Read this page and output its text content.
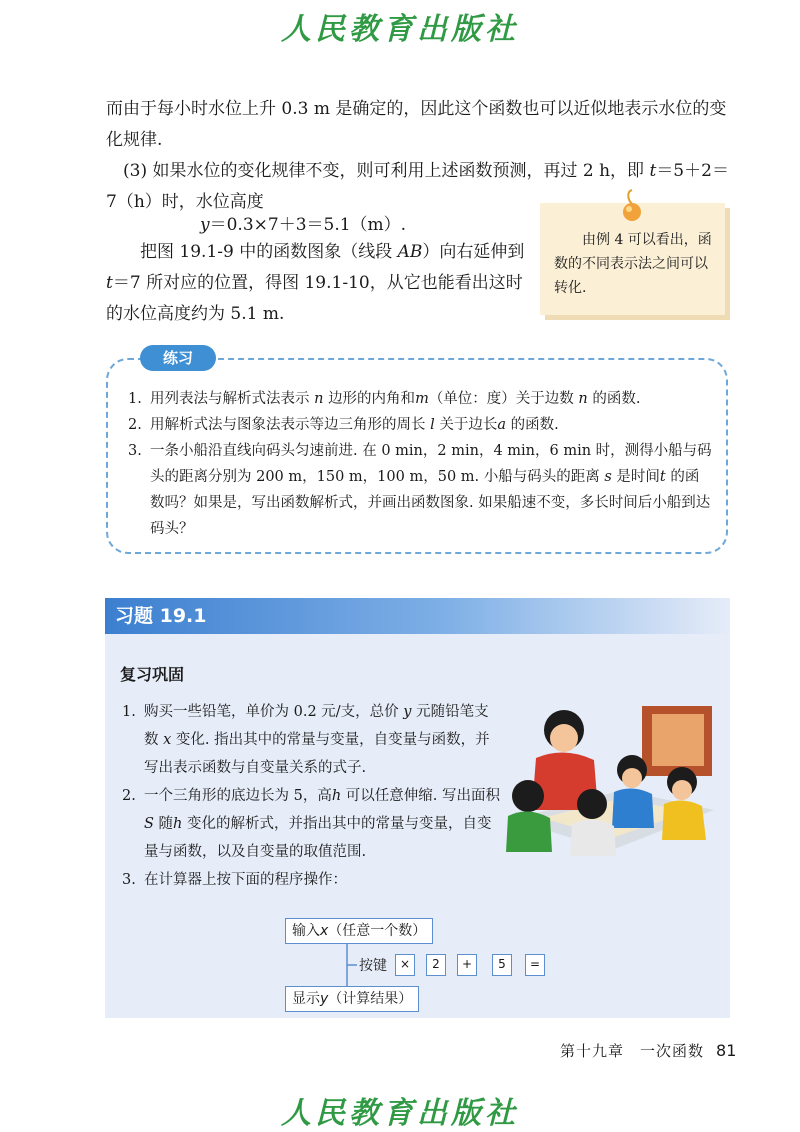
人民教育出版社

而由于每小时水位上升 0.3 m 是确定的，因此这个函数也可以近似地表示水位的变化规律.

(3) 如果水位的变化规律不变，则可利用上述函数预测，再过 2 h，即 t＝5＋2＝7（h）时，水位高度

y＝0.3×7＋3＝5.1（m）.

把图 19.1-9 中的函数图象（线段 AB）向右延伸到t＝7 所对应的位置，得图 19.1-10，从它也能看出这时的水位高度约为 5.1 m.

由例 4 可以看出，函数的不同表示法之间可以转化.

练习
1. 用列表法与解析式法表示 n 边形的内角和m（单位：度）关于边数 n 的函数.
2. 用解析式法与图象法表示等边三角形的周长 l 关于边长a 的函数.
3. 一条小船沿直线向码头匀速前进. 在 0 min，2 min，4 min，6 min 时，测得小船与码头的距离分别为 200 m，150 m，100 m，50 m. 小船与码头的距离 s 是时间t 的函数吗？如果是，写出函数解析式，并画出函数图象. 如果船速不变，多长时间后小船到达码头？
习题 19.1
复习巩固
1. 购买一些铅笔，单价为 0.2 元/支，总价 y 元随铅笔支数 x 变化. 指出其中的常量与变量，自变量与函数，并写出表示函数与自变量关系的式子.
2. 一个三角形的底边长为 5，高h 可以任意伸缩. 写出面积 S 随h 变化的解析式，并指出其中的常量与变量，自变量与函数，以及自变量的取值范围.
3. 在计算器上按下面的程序操作：
输入x（任意一个数）
按键	×	2	+	5	=
显示y（计算结果）
第十九章　一次函数 81
人民教育出版社
